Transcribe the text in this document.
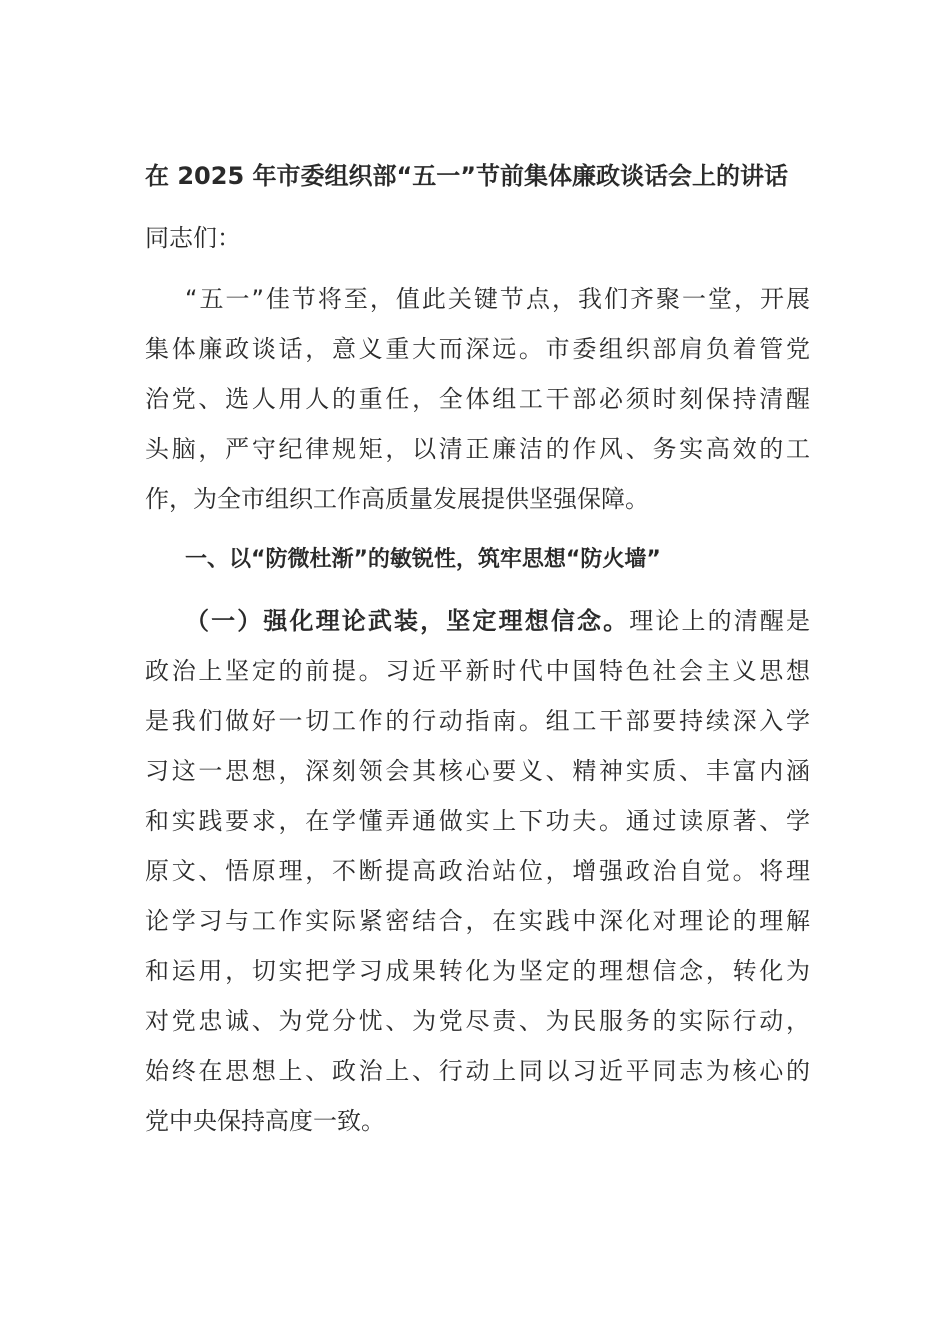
在 2025 年市委组织部“五一”节前集体廉政谈话会上的讲话
同志们：
“五一”佳节将至，值此关键节点，我们齐聚一堂，开展
集体廉政谈话，意义重大而深远。市委组织部肩负着管党
治党、选人用人的重任，全体组工干部必须时刻保持清醒
头脑，严守纪律规矩，以清正廉洁的作风、务实高效的工
作，为全市组织工作高质量发展提供坚强保障。
一、以“防微杜渐”的敏锐性，筑牢思想“防火墙”
（一）强化理论武装，坚定理想信念。理论上的清醒是
政治上坚定的前提。习近平新时代中国特色社会主义思想
是我们做好一切工作的行动指南。组工干部要持续深入学
习这一思想，深刻领会其核心要义、精神实质、丰富内涵
和实践要求，在学懂弄通做实上下功夫。通过读原著、学
原文、悟原理，不断提高政治站位，增强政治自觉。将理
论学习与工作实际紧密结合，在实践中深化对理论的理解
和运用，切实把学习成果转化为坚定的理想信念，转化为
对党忠诚、为党分忧、为党尽责、为民服务的实际行动，
始终在思想上、政治上、行动上同以习近平同志为核心的
党中央保持高度一致。
